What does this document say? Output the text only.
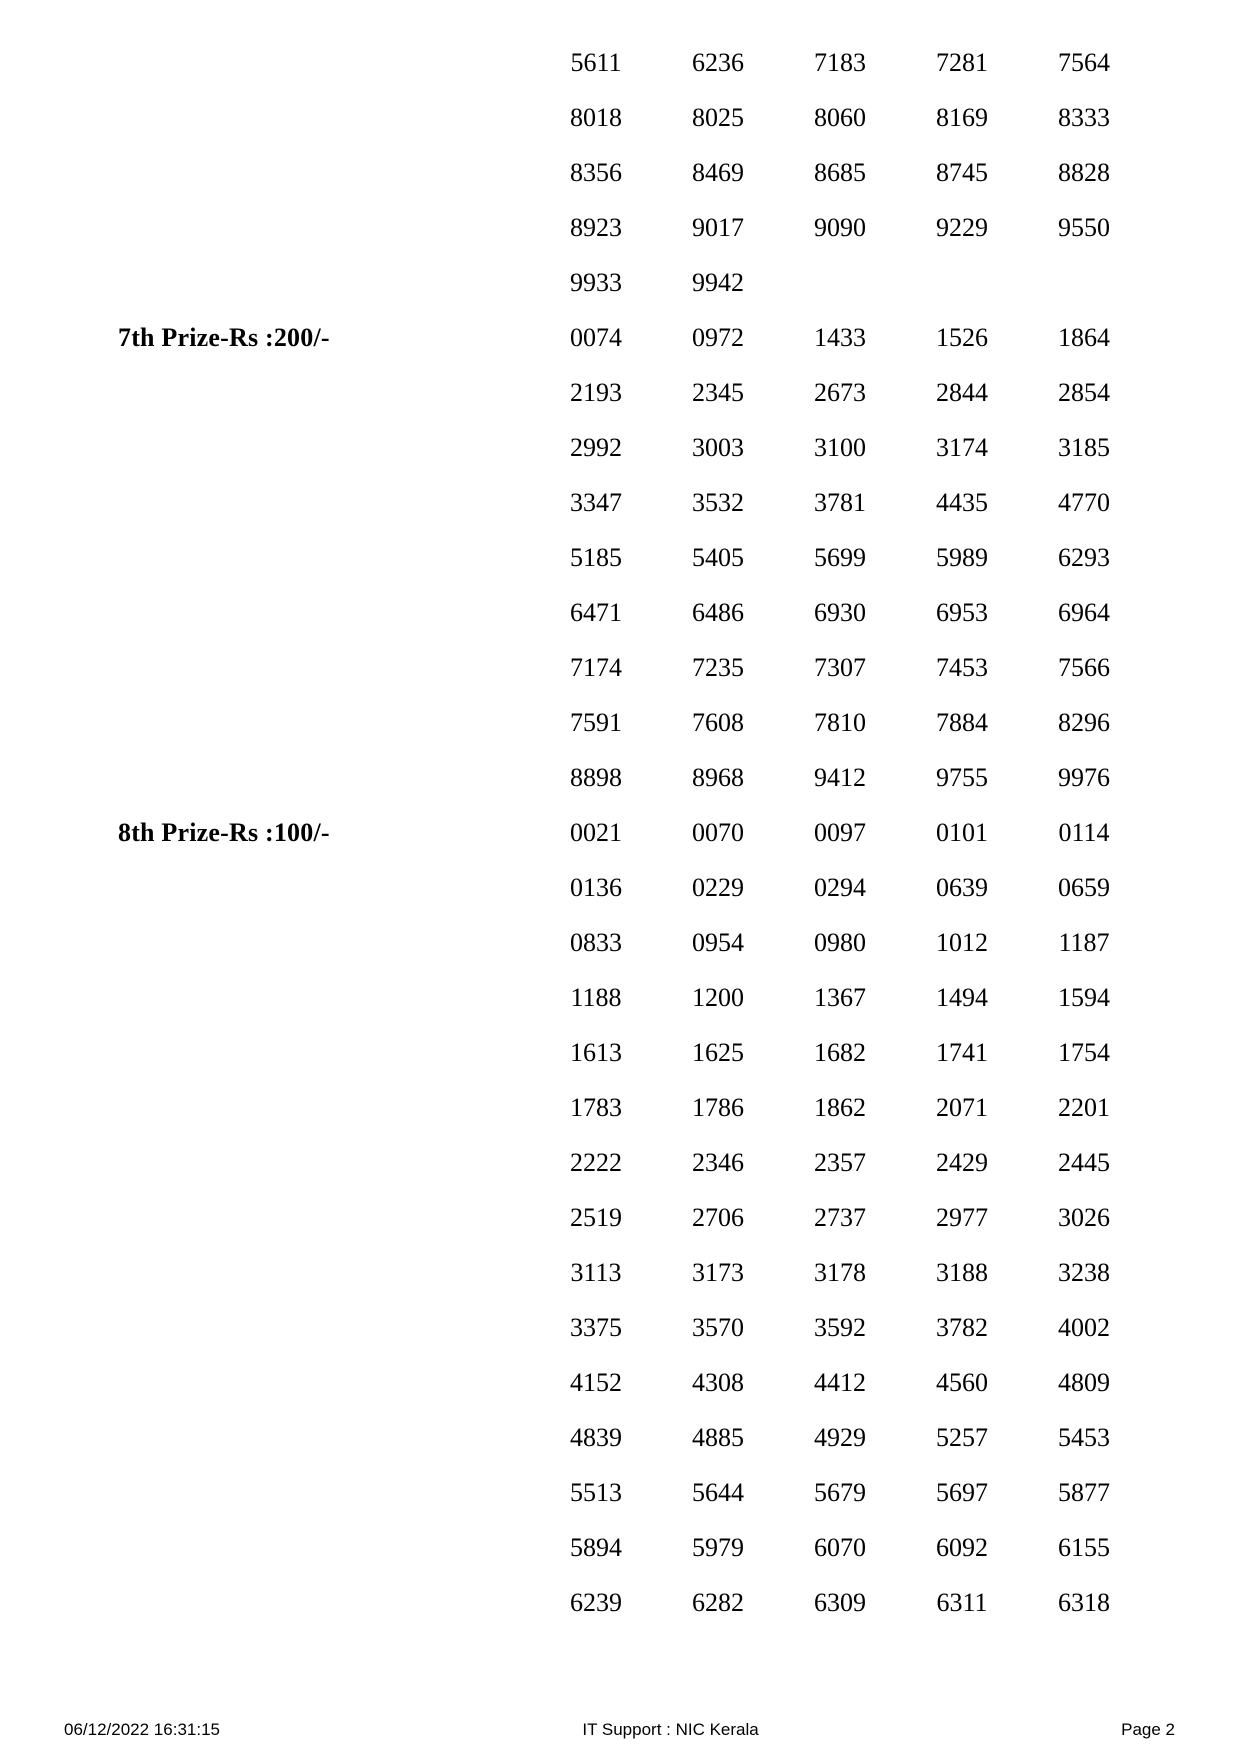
5611	6236	7183	7281	7564
8018	8025	8060	8169	8333
8356	8469	8685	8745	8828
8923	9017	9090	9229	9550
9933	9942
7th Prize-Rs :200/-	0074	0972	1433	1526	1864
2193	2345	2673	2844	2854
2992	3003	3100	3174	3185
3347	3532	3781	4435	4770
5185	5405	5699	5989	6293
6471	6486	6930	6953	6964
7174	7235	7307	7453	7566
7591	7608	7810	7884	8296
8898	8968	9412	9755	9976
8th Prize-Rs :100/-	0021	0070	0097	0101	0114
0136	0229	0294	0639	0659
0833	0954	0980	1012	1187
1188	1200	1367	1494	1594
1613	1625	1682	1741	1754
1783	1786	1862	2071	2201
2222	2346	2357	2429	2445
2519	2706	2737	2977	3026
3113	3173	3178	3188	3238
3375	3570	3592	3782	4002
4152	4308	4412	4560	4809
4839	4885	4929	5257	5453
5513	5644	5679	5697	5877
5894	5979	6070	6092	6155
6239	6282	6309	6311	6318
06/12/2022 16:31:15	IT Support : NIC Kerala	Page 2
